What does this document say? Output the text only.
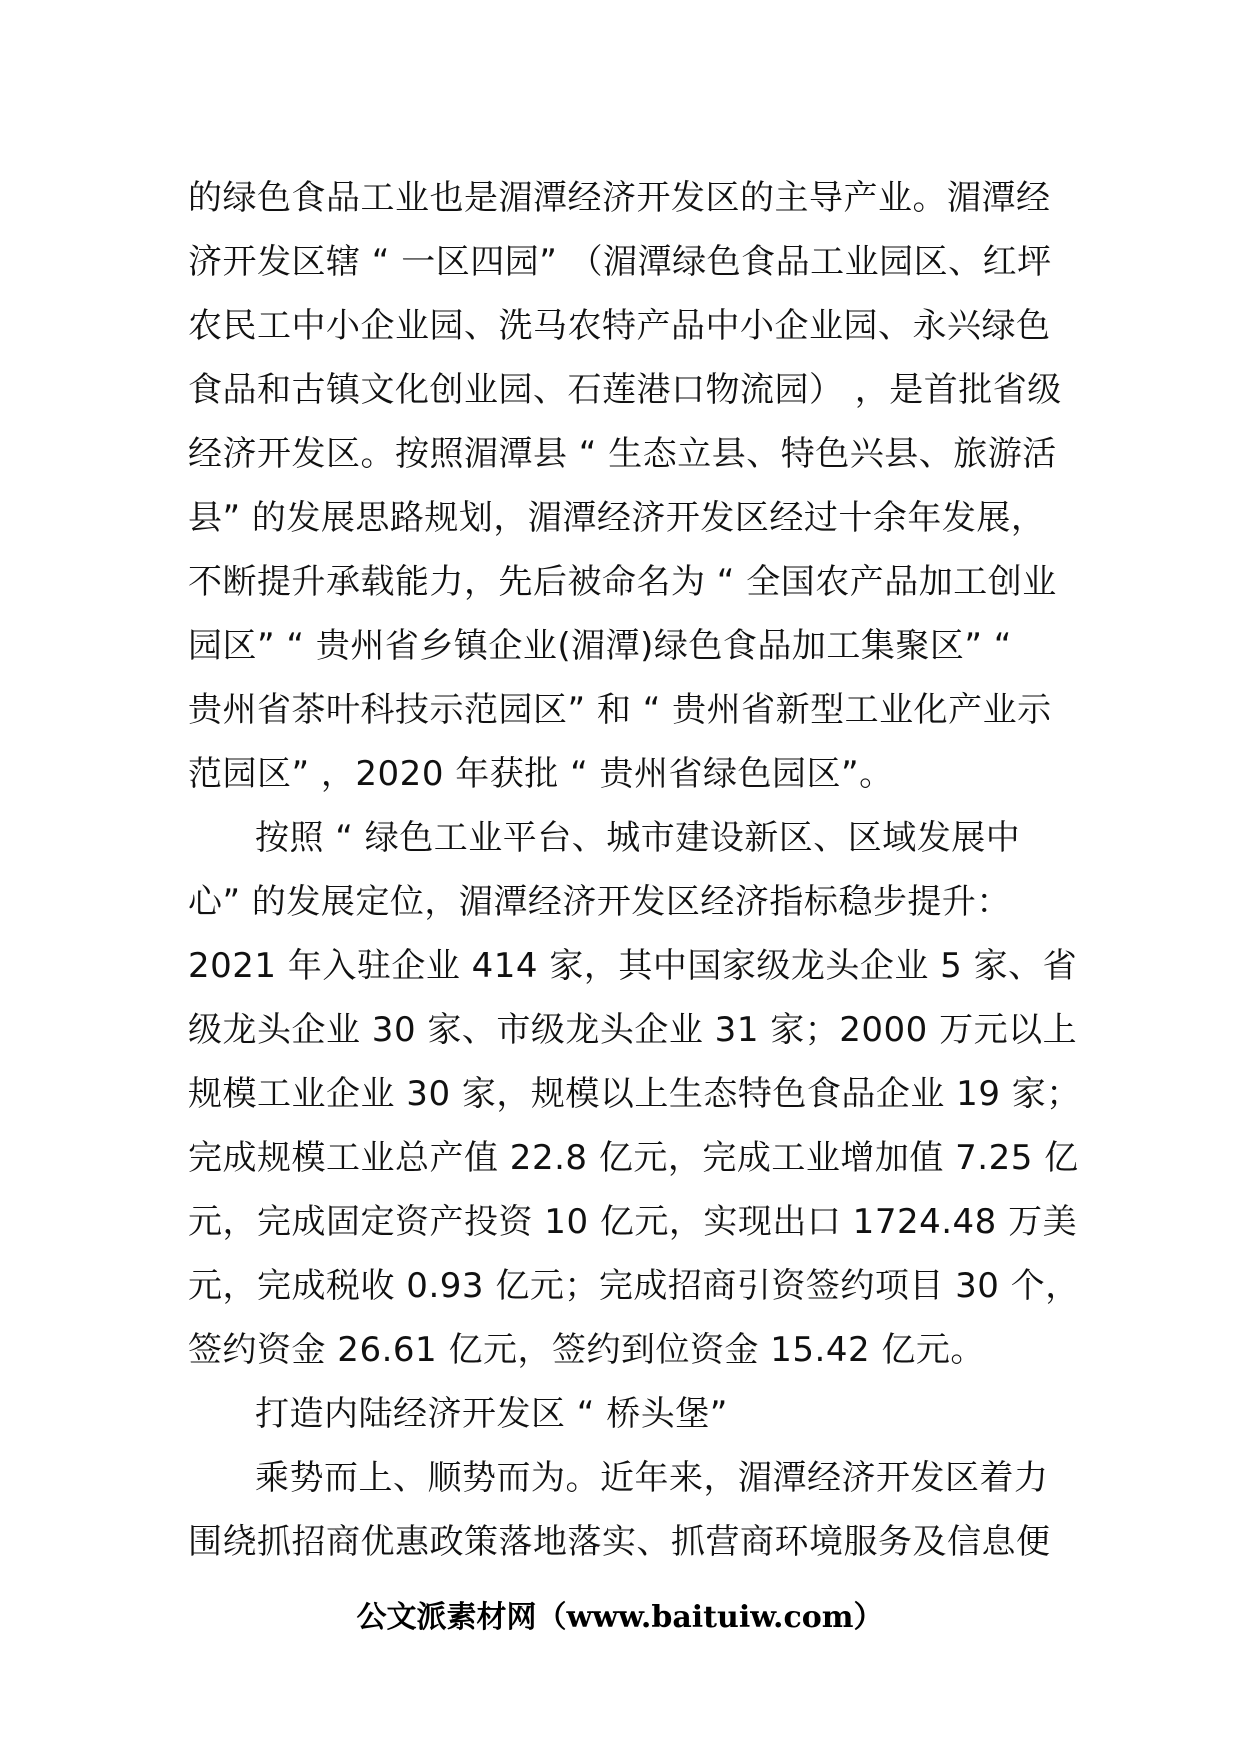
的绿色食品工业也是湄潭经济开发区的主导产业。湄潭经
济开发区辖 “ 一区四园” （湄潭绿色食品工业园区、红坪
农民工中小企业园、洗马农特产品中小企业园、永兴绿色
食品和古镇文化创业园、石莲港口物流园） ，是首批省级
经济开发区。按照湄潭县 “ 生态立县、特色兴县、旅游活
县” 的发展思路规划，湄潭经济开发区经过十余年发展，
不断提升承载能力，先后被命名为 “ 全国农产品加工创业
园区” “ 贵州省乡镇企业(湄潭)绿色食品加工集聚区” “
贵州省茶叶科技示范园区” 和 “ 贵州省新型工业化产业示
范园区” ，2020 年获批 “ 贵州省绿色园区”。
按照 “ 绿色工业平台、城市建设新区、区域发展中
心” 的发展定位，湄潭经济开发区经济指标稳步提升：
2021 年入驻企业 414 家，其中国家级龙头企业 5 家、省
级龙头企业 30 家、市级龙头企业 31 家；2000 万元以上
规模工业企业 30 家，规模以上生态特色食品企业 19 家；
完成规模工业总产值 22.8 亿元，完成工业增加值 7.25 亿
元，完成固定资产投资 10 亿元，实现出口 1724.48 万美
元，完成税收 0.93 亿元；完成招商引资签约项目 30 个，
签约资金 26.61 亿元，签约到位资金 15.42 亿元。
打造内陆经济开发区 “ 桥头堡”
乘势而上、顺势而为。近年来，湄潭经济开发区着力
围绕抓招商优惠政策落地落实、抓营商环境服务及信息便
公文派素材网（www.baituiw.com）
